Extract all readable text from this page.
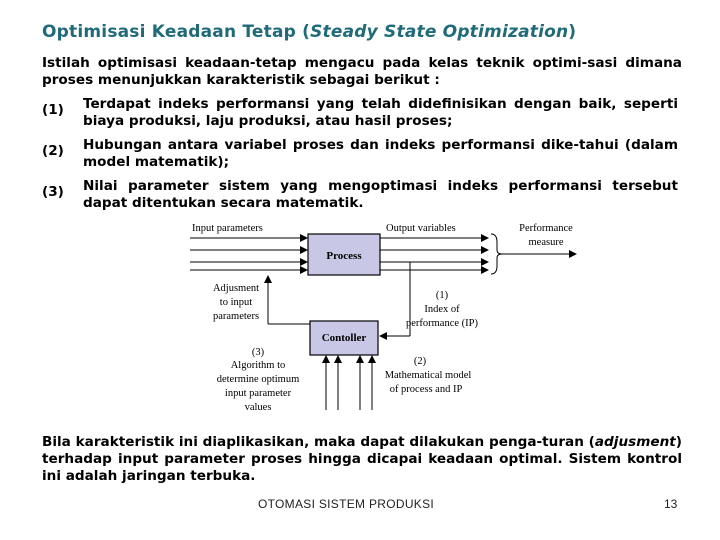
Optimisasi Keadaan Tetap (Steady State Optimization)
Istilah optimisasi keadaan-tetap mengacu pada kelas teknik optimi-sasi dimana proses menunjukkan karakteristik sebagai berikut :
(1) Terdapat indeks performansi yang telah didefinisikan dengan baik, seperti biaya produksi, laju produksi, atau hasil proses;
(2) Hubungan antara variabel proses dan indeks performansi dike-tahui (dalam model matematik);
(3) Nilai parameter sistem yang mengoptimasi indeks performansi tersebut dapat ditentukan secara matematik.
Process
Input parameters	Output variables	Performance
measure
Adjusment
to input
parameters
Contoller
(1)
Index of
performance (IP)
(3)
Algorithm to
determine optimum
input parameter
values
(2)
Mathematical model
of process and IP
Bila karakteristik ini diaplikasikan, maka dapat dilakukan penga-turan (adjusment) terhadap input parameter proses hingga dicapai keadaan optimal. Sistem kontrol ini adalah jaringan terbuka.
OTOMASI SISTEM PRODUKSI	13
